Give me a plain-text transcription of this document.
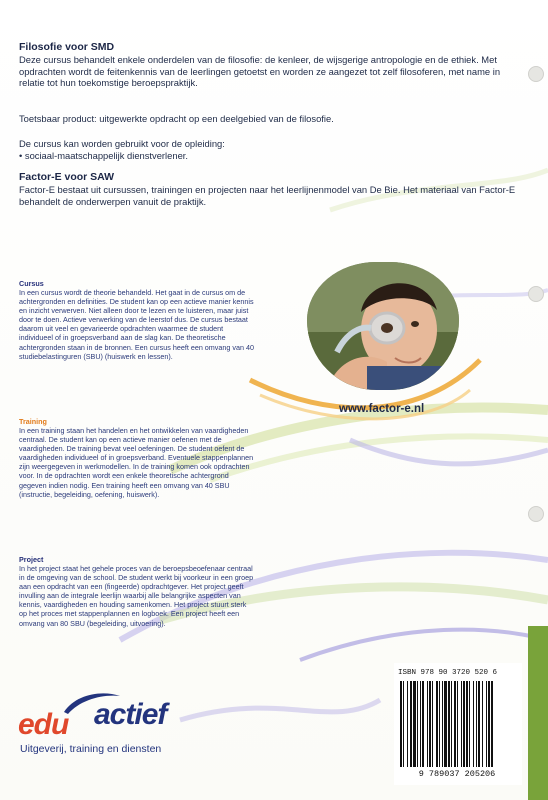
Filosofie voor SMD

Deze cursus behandelt enkele onderdelen van de filosofie: de kenleer, de wijsgerige antropologie en de ethiek. Met opdrachten wordt de feitenkennis van de leerlingen getoetst en worden ze aangezet tot zelf filosoferen, met name in relatie tot hun toekomstige beroepspraktijk.

Toetsbaar product: uitgewerkte opdracht op een deelgebied van de filosofie.

De cursus kan worden gebruikt voor de opleiding:

• sociaal-maatschappelijk dienstverlener.

Factor-E voor SAW

Factor-E bestaat uit cursussen, trainingen en projecten naar het leerlijnenmodel van De Bie. Het materiaal van Factor-E behandelt de onderwerpen vanuit de praktijk.

Cursus

In een cursus wordt de theorie behandeld. Het gaat in de cursus om de achtergronden en definities. De student kan op een actieve manier kennis en inzicht verwerven. Niet alleen door te lezen en te luisteren, maar juist door te doen. Actieve verwerking van de leerstof dus. De cursus bestaat daarom uit veel en gevarieerde opdrachten waarmee de student individueel of in groepsverband aan de slag kan. De theoretische achtergronden staan in de bronnen. Een cursus heeft een omvang van 40 studiebelastinguren (SBU) (huiswerk en lessen).

Training

In een training staan het handelen en het ontwikkelen van vaardigheden centraal. De student kan op een actieve manier oefenen met de vaardigheden. De training bevat veel oefeningen. De student oefent de vaardigheden individueel of in groepsverband. Eventuele stappenplannen zijn weergegeven in werkmodellen. In de training komen ook opdrachten voor. In de opdrachten wordt een enkele theoretische achtergrond gegeven indien nodig. Een training heeft een omvang van 40 SBU (instructie, begeleiding, oefening, huiswerk).

Project

In het project staat het gehele proces van de beroepsbeoefenaar centraal in de omgeving van de school. De student werkt bij voorkeur in een groep aan een opdracht van een (fingeerde) opdrachtgever. Het project geeft invulling aan de integrale leerlijn waarbij alle belangrijke aspecten van kennis, vaardigheden en houding samenkomen. Het project stuurt sterk op het proces met stappenplannen en logboek. Een project heeft een omvang van 80 SBU (begeleiding, uitvoering).

www.factor-e.nl
edu actief
Uitgeverij, training en diensten
ISBN 978 90 3720 520 6
9 789037 205206
